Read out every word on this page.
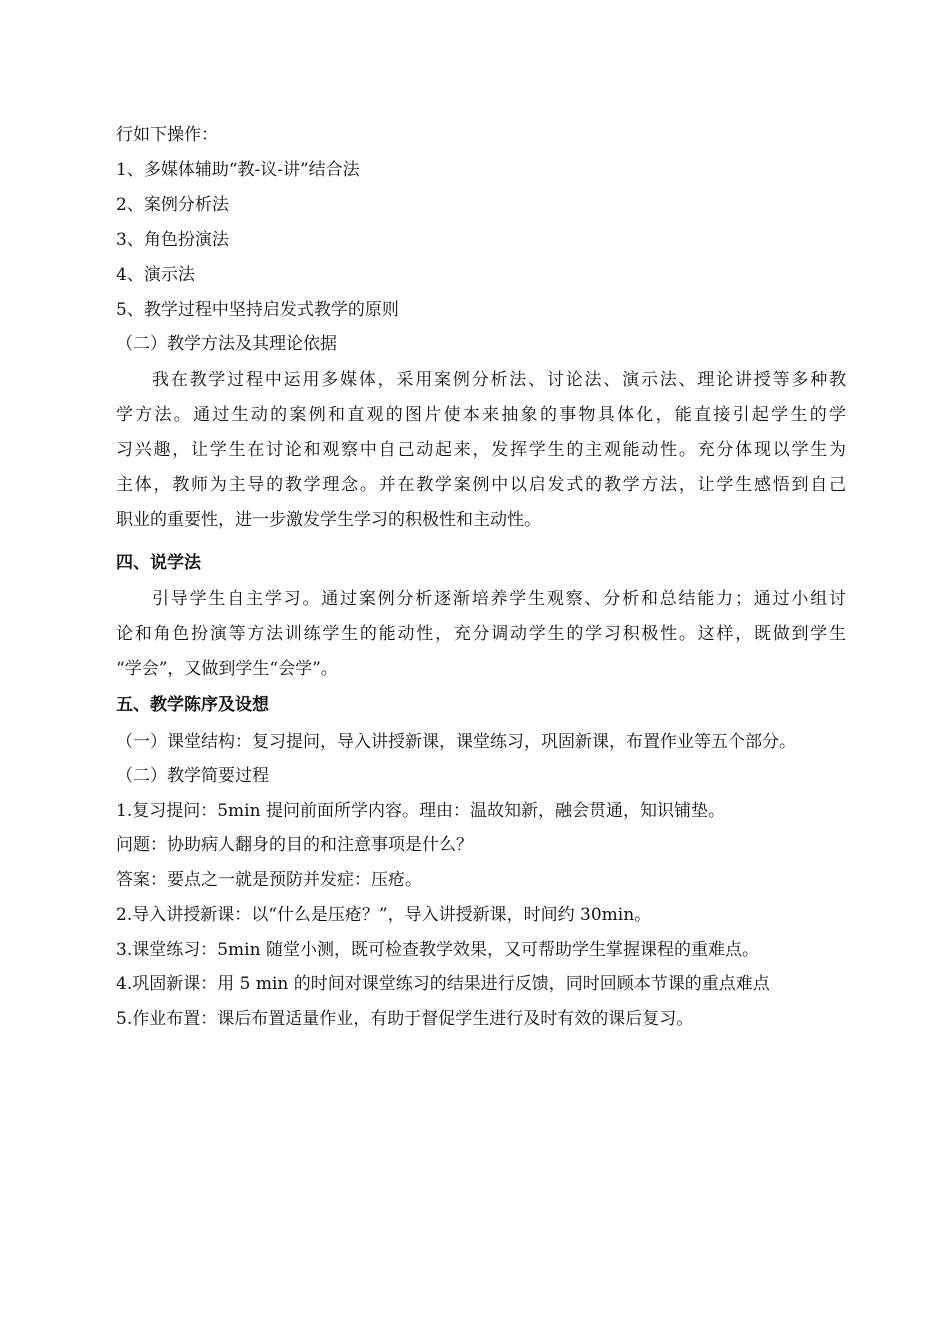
行如下操作：
1、多媒体辅助“教-议-讲”结合法
2、案例分析法
3、角色扮演法
4、演示法
5、教学过程中坚持启发式教学的原则
（二）教学方法及其理论依据
我在教学过程中运用多媒体，采用案例分析法、讨论法、演示法、理论讲授等多种教
学方法。通过生动的案例和直观的图片使本来抽象的事物具体化，能直接引起学生的学
习兴趣，让学生在讨论和观察中自己动起来，发挥学生的主观能动性。充分体现以学生为
主体，教师为主导的教学理念。并在教学案例中以启发式的教学方法，让学生感悟到自己
职业的重要性，进一步激发学生学习的积极性和主动性。
四、说学法
引导学生自主学习。通过案例分析逐渐培养学生观察、分析和总结能力；通过小组讨
论和角色扮演等方法训练学生的能动性，充分调动学生的学习积极性。这样，既做到学生
“学会”，又做到学生“会学”。
五、教学陈序及设想
（一）课堂结构：复习提问，导入讲授新课，课堂练习，巩固新课，布置作业等五个部分。
（二）教学简要过程
1.复习提问：5min 提问前面所学内容。理由：温故知新，融会贯通，知识铺垫。
问题：协助病人翻身的目的和注意事项是什么？
答案：要点之一就是预防并发症：压疮。
2.导入讲授新课：以“什么是压疮？”，导入讲授新课，时间约 30min。
3.课堂练习：5min 随堂小测，既可检查教学效果，又可帮助学生掌握课程的重难点。
4.巩固新课：用 5 min 的时间对课堂练习的结果进行反馈，同时回顾本节课的重点难点
5.作业布置：课后布置适量作业，有助于督促学生进行及时有效的课后复习。
